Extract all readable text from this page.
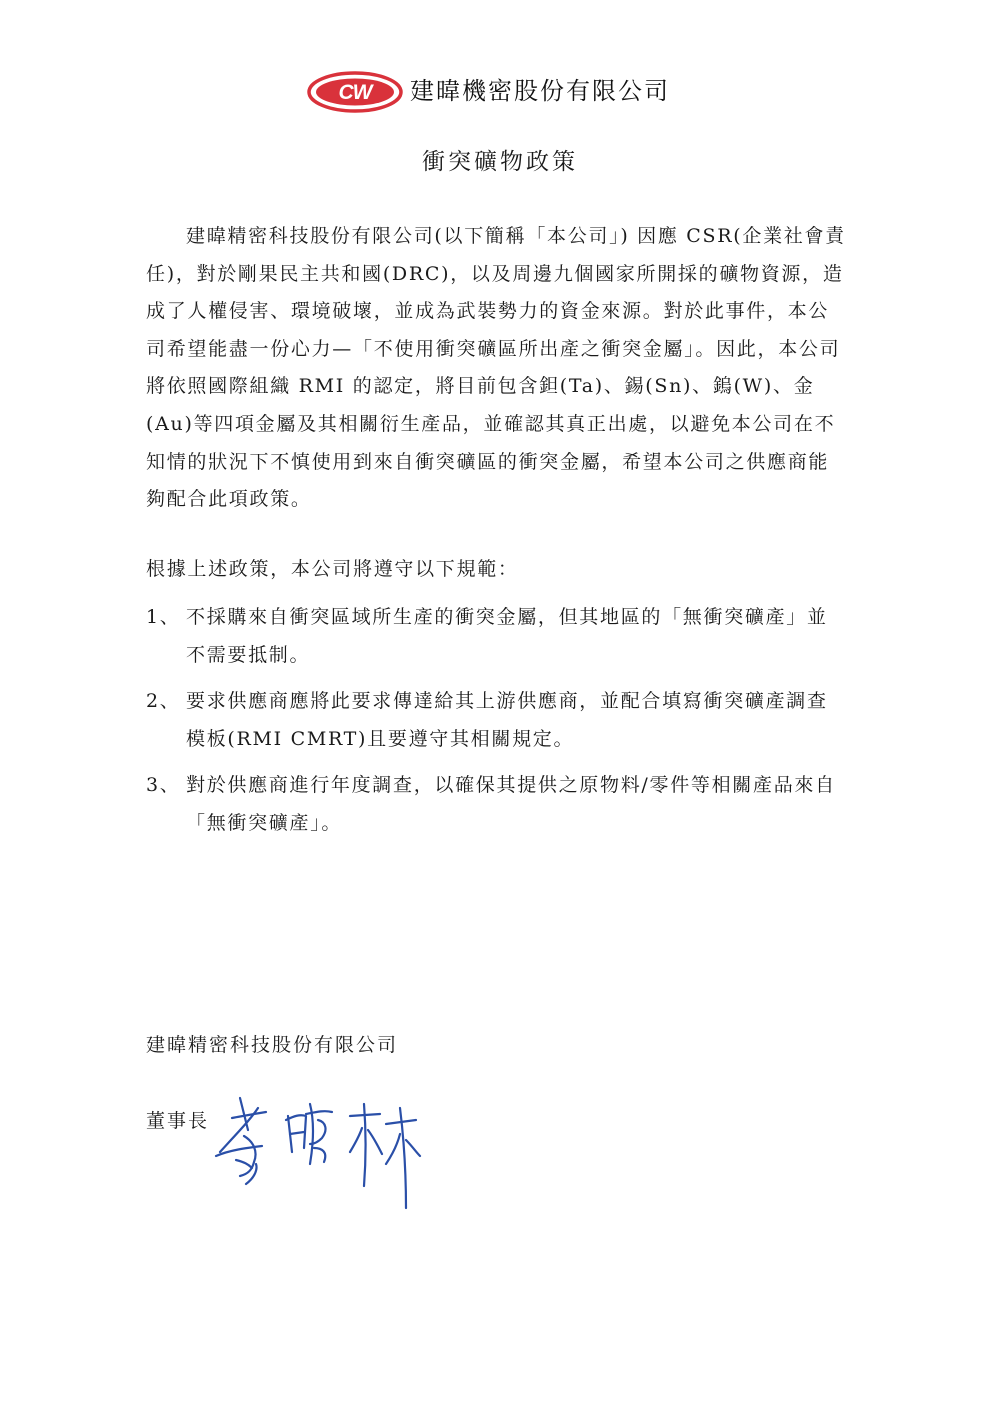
CW 建暐機密股份有限公司
衝突礦物政策
建暐精密科技股份有限公司(以下簡稱「本公司」) 因應 CSR(企業社會責任)，對於剛果民主共和國(DRC)，以及周邊九個國家所開採的礦物資源，造成了人權侵害、環境破壞，並成為武裝勢力的資金來源。對於此事件，本公司希望能盡一份心力—「不使用衝突礦區所出產之衝突金屬」。因此，本公司將依照國際組織 RMI 的認定，將目前包含鉭(Ta)、錫(Sn)、鎢(W)、金(Au)等四項金屬及其相關衍生產品，並確認其真正出處，以避免本公司在不知情的狀況下不慎使用到來自衝突礦區的衝突金屬，希望本公司之供應商能夠配合此項政策。
根據上述政策，本公司將遵守以下規範：
1、 不採購來自衝突區域所生產的衝突金屬，但其地區的「無衝突礦產」並不需要抵制。
2、 要求供應商應將此要求傳達給其上游供應商，並配合填寫衝突礦產調查模板(RMI CMRT)且要遵守其相關規定。
3、 對於供應商進行年度調查，以確保其提供之原物料/零件等相關產品來自「無衝突礦產」。
建暐精密科技股份有限公司
董事長
